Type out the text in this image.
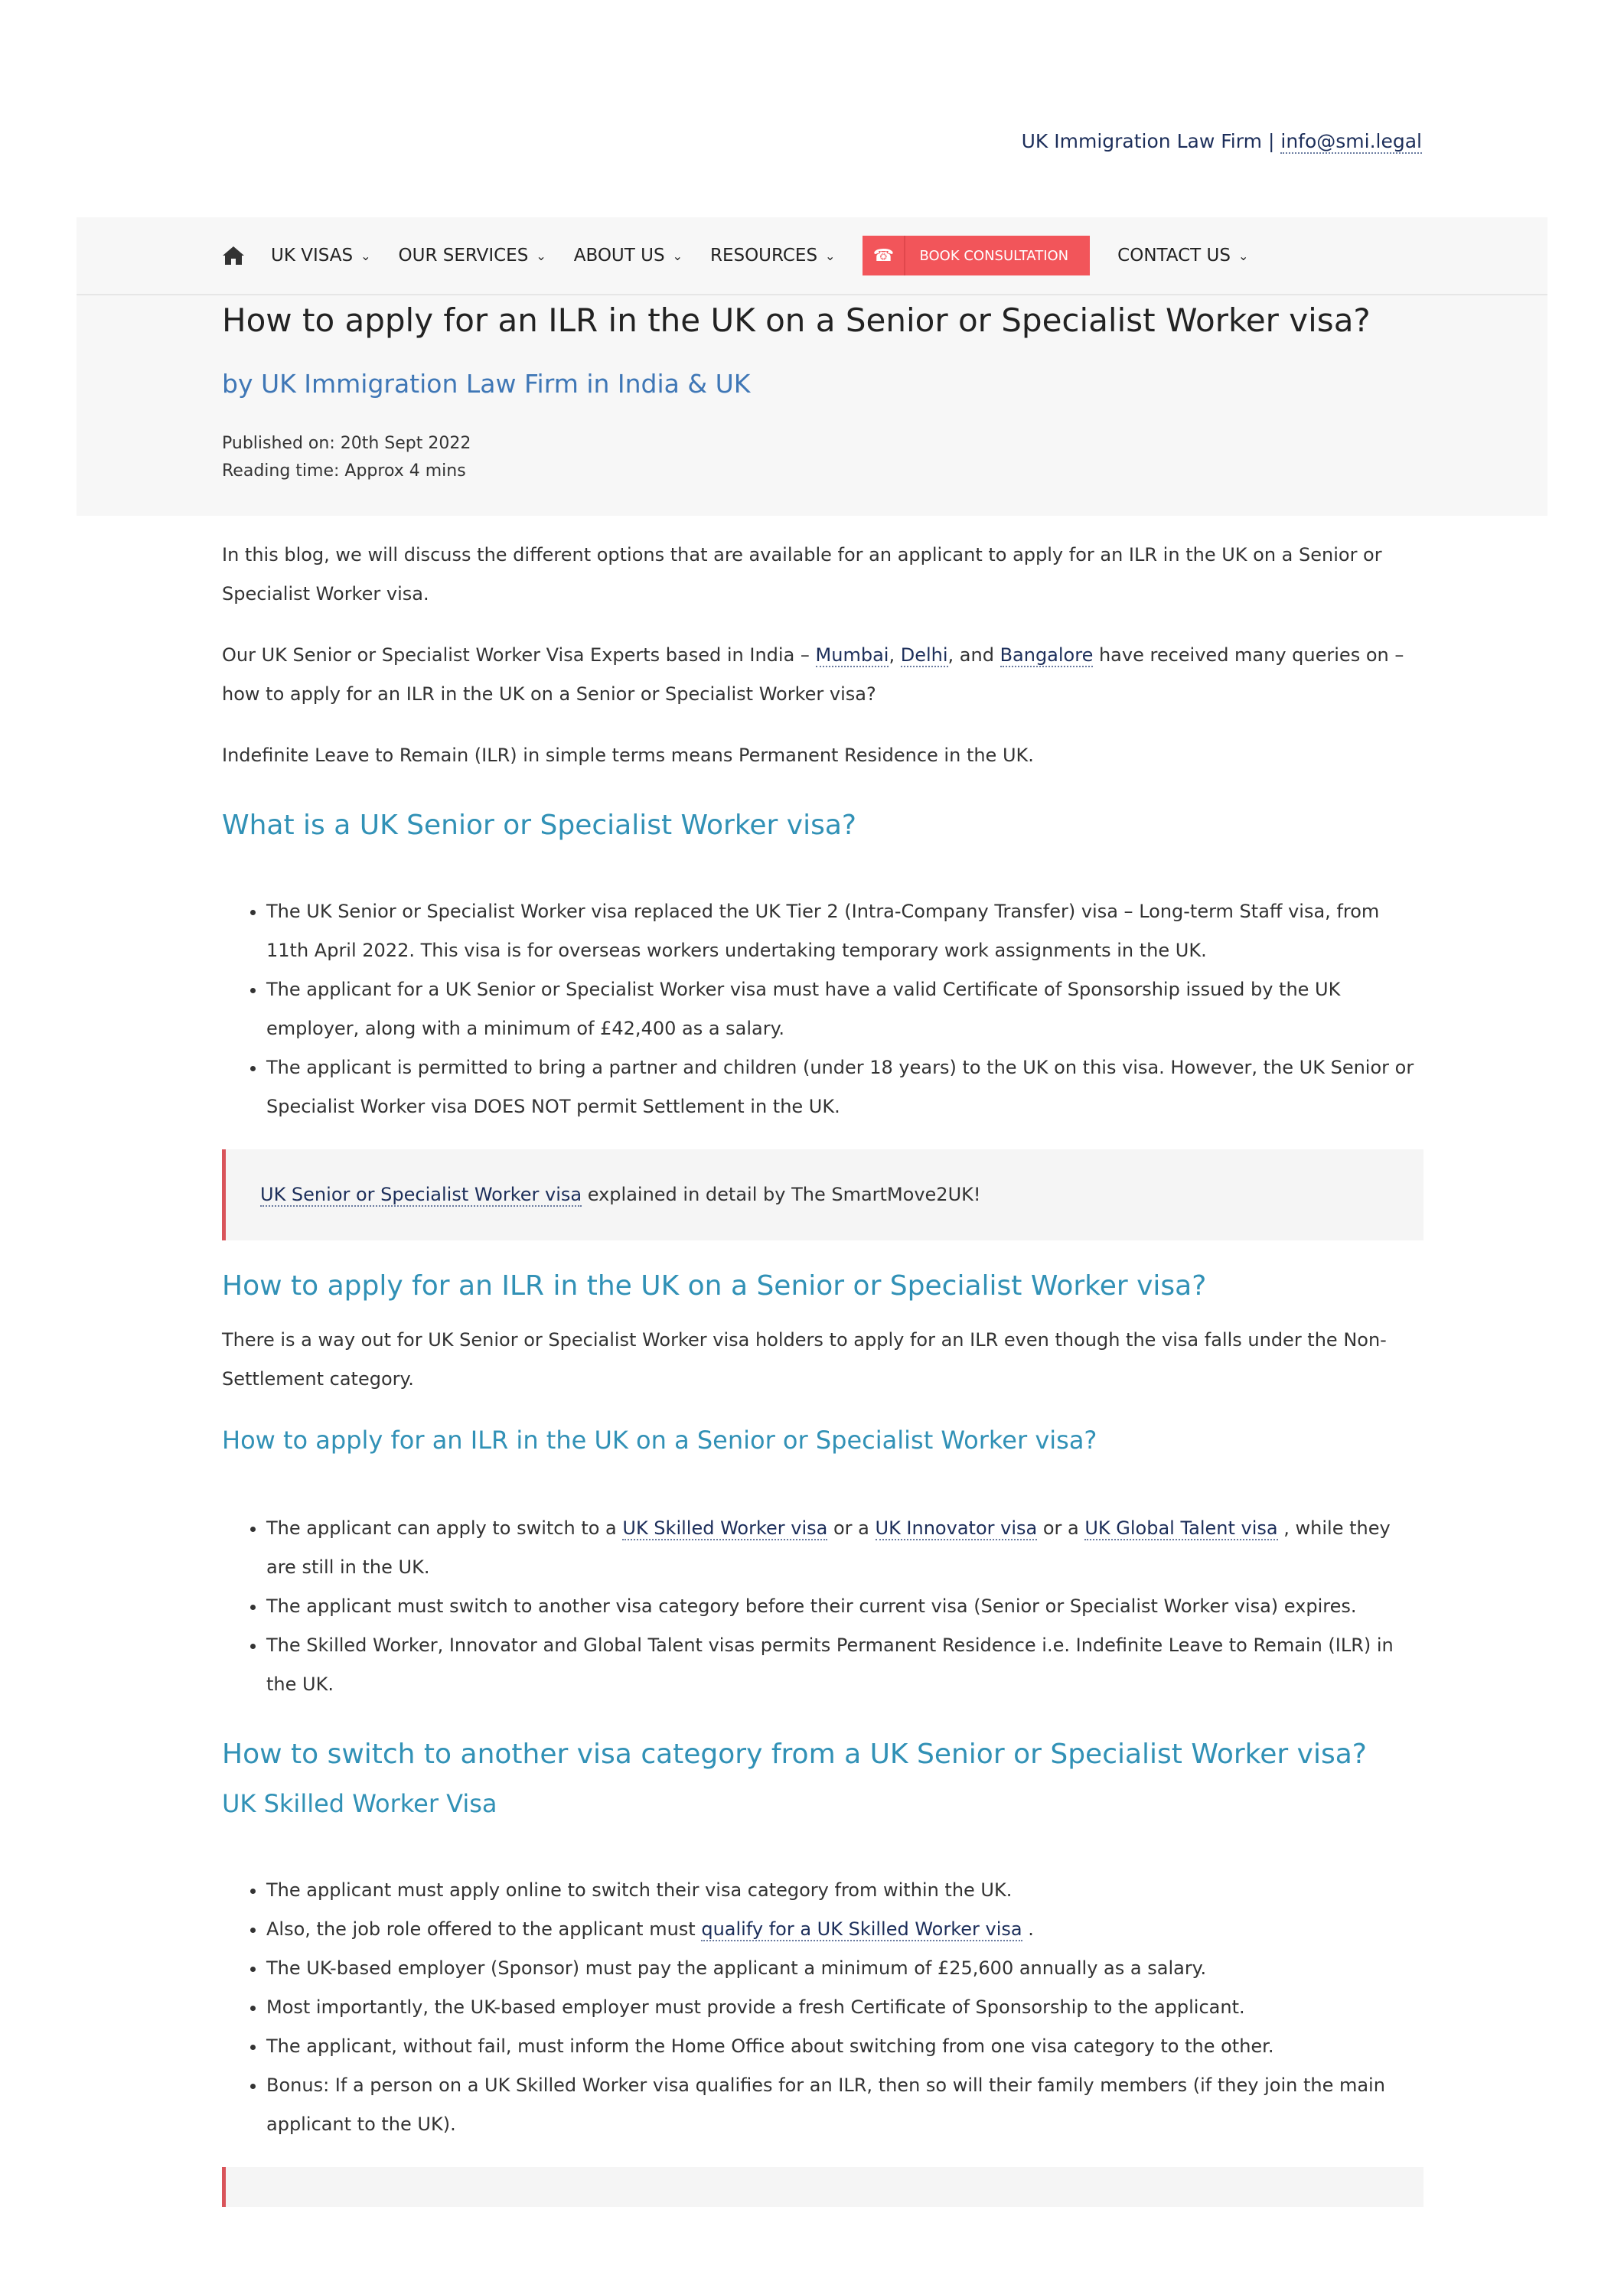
UK Immigration Law Firm | info@smi.legal
UK VISAS ⌄ OUR SERVICES ⌄ ABOUT US ⌄ RESOURCES ⌄	☎	BOOK CONSULTATION	CONTACT US ⌄
How to apply for an ILR in the UK on a Senior or Specialist Worker visa?
by UK Immigration Law Firm in India & UK
Published on: 20th Sept 2022
Reading time: Approx 4 mins

In this blog, we will discuss the different options that are available for an applicant to apply for an ILR in the UK on a Senior or Specialist Worker visa.

Our UK Senior or Specialist Worker Visa Experts based in India – Mumbai, Delhi, and Bangalore have received many queries on – how to apply for an ILR in the UK on a Senior or Specialist Worker visa?

Indefinite Leave to Remain (ILR) in simple terms means Permanent Residence in the UK.

What is a UK Senior or Specialist Worker visa?
• The UK Senior or Specialist Worker visa replaced the UK Tier 2 (Intra-Company Transfer) visa – Long-term Staff visa, from 11th April 2022. This visa is for overseas workers undertaking temporary work assignments in the UK.
• The applicant for a UK Senior or Specialist Worker visa must have a valid Certificate of Sponsorship issued by the UK employer, along with a minimum of £42,400 as a salary.
• The applicant is permitted to bring a partner and children (under 18 years) to the UK on this visa. However, the UK Senior or Specialist Worker visa DOES NOT permit Settlement in the UK.
UK Senior or Specialist Worker visa explained in detail by The SmartMove2UK!
How to apply for an ILR in the UK on a Senior or Specialist Worker visa?

There is a way out for UK Senior or Specialist Worker visa holders to apply for an ILR even though the visa falls under the Non-Settlement category.

How to apply for an ILR in the UK on a Senior or Specialist Worker visa?
• The applicant can apply to switch to a UK Skilled Worker visa or a UK Innovator visa or a UK Global Talent visa , while they are still in the UK.
• The applicant must switch to another visa category before their current visa (Senior or Specialist Worker visa) expires.
• The Skilled Worker, Innovator and Global Talent visas permits Permanent Residence i.e. Indefinite Leave to Remain (ILR) in the UK.
How to switch to another visa category from a UK Senior or Specialist Worker visa?
UK Skilled Worker Visa
• The applicant must apply online to switch their visa category from within the UK.
• Also, the job role offered to the applicant must qualify for a UK Skilled Worker visa .
• The UK-based employer (Sponsor) must pay the applicant a minimum of £25,600 annually as a salary.
• Most importantly, the UK-based employer must provide a fresh Certificate of Sponsorship to the applicant.
• The applicant, without fail, must inform the Home Office about switching from one visa category to the other.
• Bonus: If a person on a UK Skilled Worker visa qualifies for an ILR, then so will their family members (if they join the main applicant to the UK).
